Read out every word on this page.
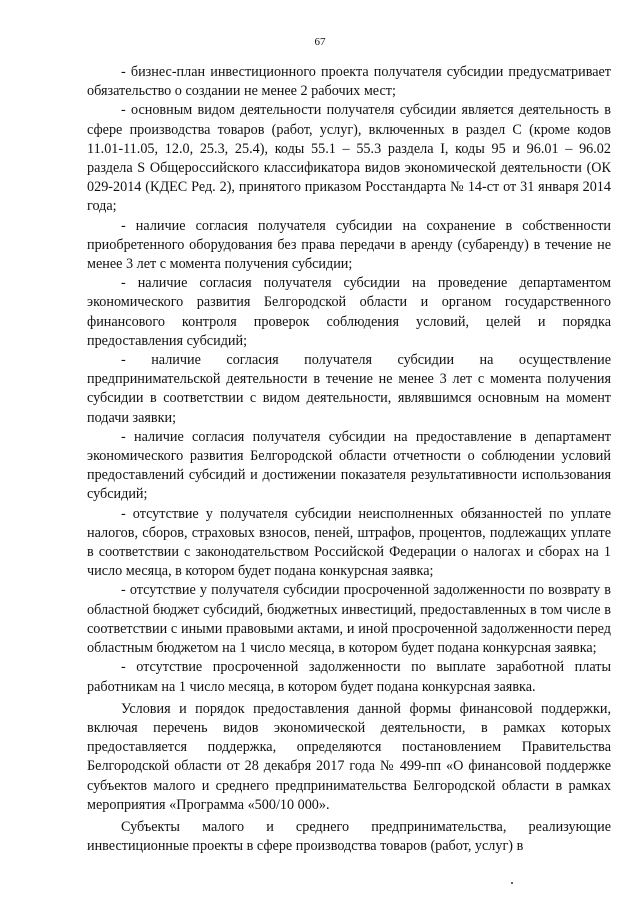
67

- бизнес-план инвестиционного проекта получателя субсидии предусматривает обязательство о создании не менее 2 рабочих мест;

- основным видом деятельности получателя субсидии является деятельность в сфере производства товаров (работ, услуг), включенных в раздел С (кроме кодов 11.01-11.05, 12.0, 25.3, 25.4), коды 55.1 – 55.3 раздела I, коды 95 и 96.01 – 96.02 раздела S Общероссийского классификатора видов экономической деятельности (ОК 029-2014 (КДЕС Ред. 2), принятого приказом Росстандарта № 14-ст от 31 января 2014 года;

- наличие согласия получателя субсидии на сохранение в собственности приобретенного оборудования без права передачи в аренду (субаренду) в течение не менее 3 лет с момента получения субсидии;

- наличие согласия получателя субсидии на проведение департаментом экономического развития Белгородской области и органом государственного финансового контроля проверок соблюдения условий, целей и порядка предоставления субсидий;

- наличие согласия получателя субсидии на осуществление предпринимательской деятельности в течение не менее 3 лет с момента получения субсидии в соответствии с видом деятельности, являвшимся основным на момент подачи заявки;

- наличие согласия получателя субсидии на предоставление в департамент экономического развития Белгородской области отчетности о соблюдении условий предоставлений субсидий и достижении показателя результативности использования субсидий;

- отсутствие у получателя субсидии неисполненных обязанностей по уплате налогов, сборов, страховых взносов, пеней, штрафов, процентов, подлежащих уплате в соответствии с законодательством Российской Федерации о налогах и сборах на 1 число месяца, в котором будет подана конкурсная заявка;

- отсутствие у получателя субсидии просроченной задолженности по возврату в областной бюджет субсидий, бюджетных инвестиций, предоставленных в том числе в соответствии с иными правовыми актами, и иной просроченной задолженности перед областным бюджетом на 1 число месяца, в котором будет подана конкурсная заявка;

- отсутствие просроченной задолженности по выплате заработной платы работникам на 1 число месяца, в котором будет подана конкурсная заявка.

Условия и порядок предоставления данной формы финансовой поддержки, включая перечень видов экономической деятельности, в рамках которых предоставляется поддержка, определяются постановлением Правительства Белгородской области от 28 декабря 2017 года № 499-пп «О финансовой поддержке субъектов малого и среднего предпринимательства Белгородской области в рамках мероприятия «Программа «500/10 000».

Субъекты малого и среднего предпринимательства, реализующие инвестиционные проекты в сфере производства товаров (работ, услуг) в
